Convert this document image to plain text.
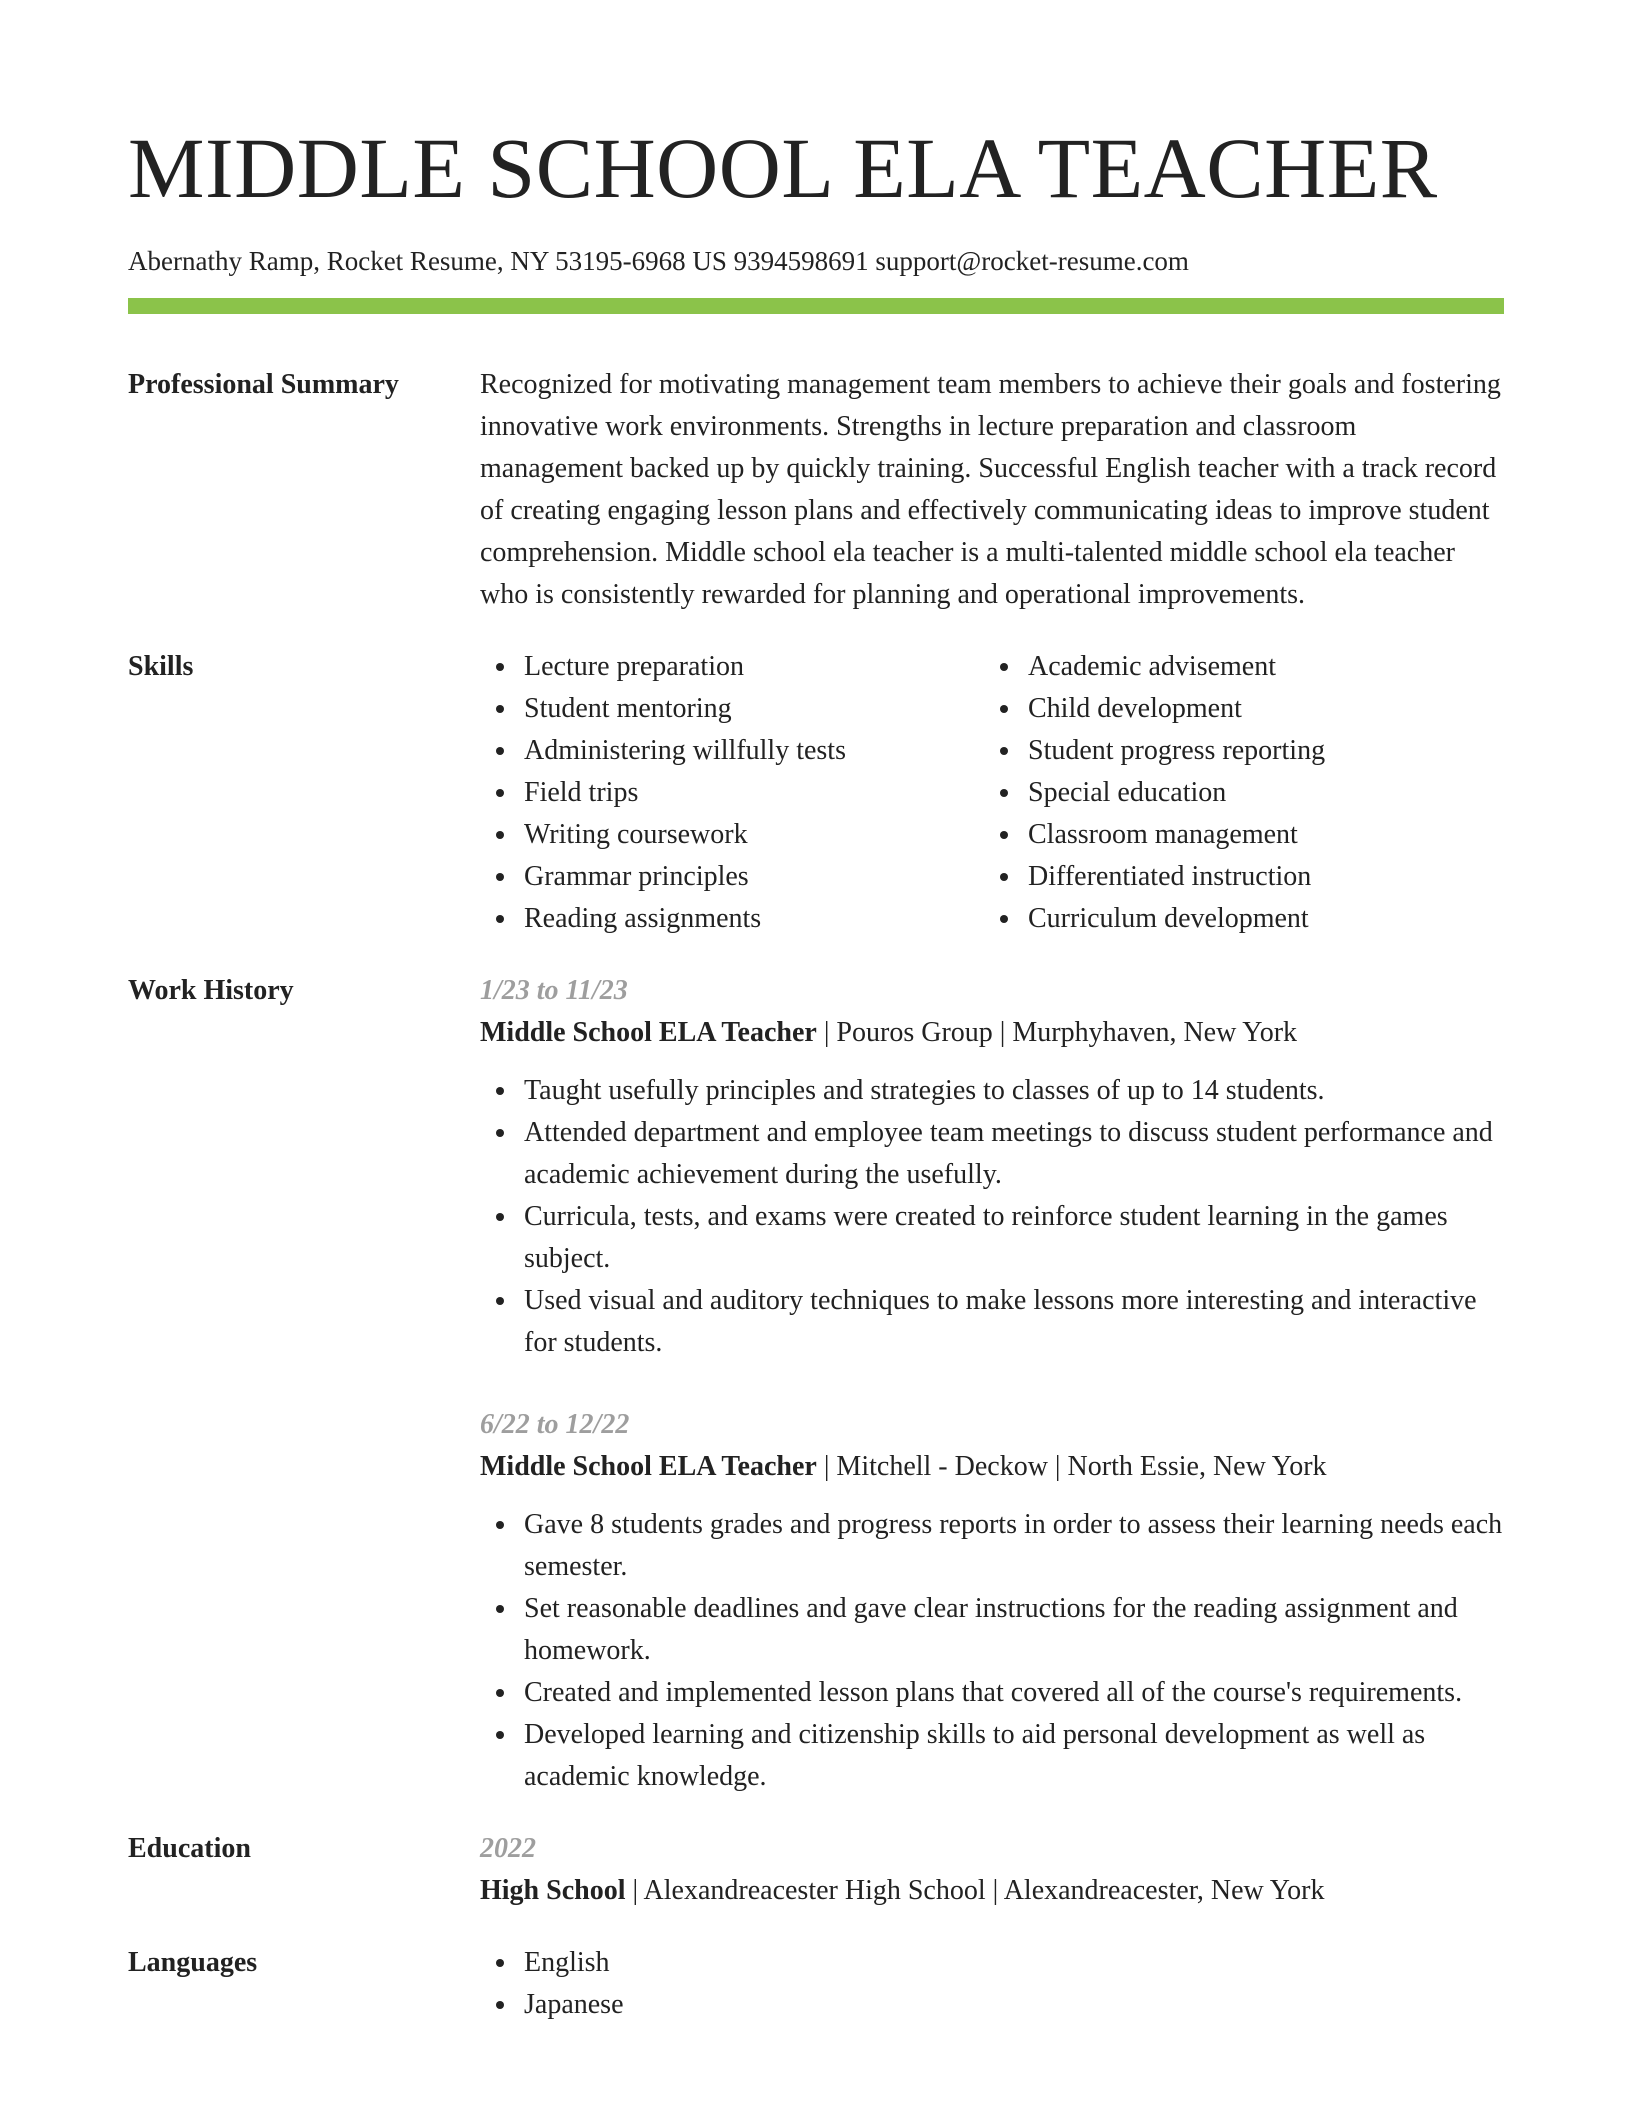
MIDDLE SCHOOL ELA TEACHER
Abernathy Ramp, Rocket Resume, NY 53195-6968 US 9394598691 support@rocket-resume.com
Professional Summary	Recognized for motivating management team members to achieve their goals and fostering innovative work environments. Strengths in lecture preparation and classroom management backed up by quickly training. Successful English teacher with a track record of creating engaging lesson plans and effectively communicating ideas to improve student comprehension. Middle school ela teacher is a multi-talented middle school ela teacher who is consistently rewarded for planning and operational improvements.
Skills	Lecture preparation
Student mentoring
Administering willfully tests
Field trips
Writing coursework
Grammar principles
Reading assignments
Academic advisement
Child development
Student progress reporting
Special education
Classroom management
Differentiated instruction
Curriculum development
Work History	1/23 to 11/23
Middle School ELA Teacher | Pouros Group | Murphyhaven, New York
Taught usefully principles and strategies to classes of up to 14 students.
Attended department and employee team meetings to discuss student performance and academic achievement during the usefully.
Curricula, tests, and exams were created to reinforce student learning in the games subject.
Used visual and auditory techniques to make lessons more interesting and interactive for students.
6/22 to 12/22
Middle School ELA Teacher | Mitchell - Deckow | North Essie, New York
Gave 8 students grades and progress reports in order to assess their learning needs each semester.
Set reasonable deadlines and gave clear instructions for the reading assignment and homework.
Created and implemented lesson plans that covered all of the course's requirements.
Developed learning and citizenship skills to aid personal development as well as academic knowledge.
Education	2022
High School | Alexandreacester High School | Alexandreacester, New York
Languages	English
Japanese
